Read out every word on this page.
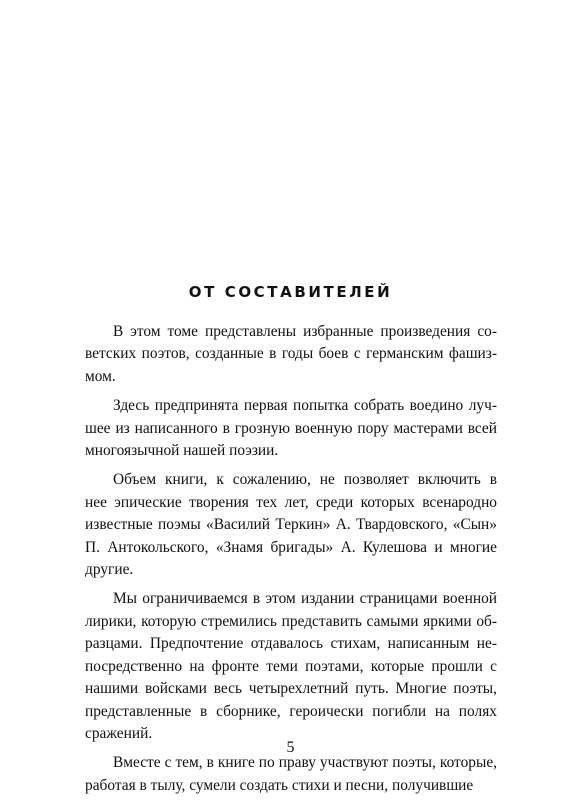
ОТ СОСТАВИТЕЛЕЙ
В этом томе представлены избранные произведения со-
ветских поэтов, созданные в годы боев с германским фашиз-
мом.
Здесь предпринята первая попытка собрать воедино луч-
шее из написанного в грозную военную пору мастерами всей
многоязычной нашей поэзии.
Объем книги, к сожалению, не позволяет включить в
нее эпические творения тех лет, среди которых всенародно
известные поэмы «Василий Теркин» А. Твардовского, «Сын»
П. Антокольского, «Знамя бригады» А. Кулешова и многие
другие.
Мы ограничиваемся в этом издании страницами военной
лирики, которую стремились представить самыми яркими об-
разцами. Предпочтение отдавалось стихам, написанным не-
посредственно на фронте теми поэтами, которые прошли с
нашими войсками весь четырехлетний путь. Многие поэты,
представленные в сборнике, героически погибли на полях
сражений.
Вместе с тем, в книге по праву участвуют поэты, которые,
работая в тылу, сумели создать стихи и песни, получившие
5
